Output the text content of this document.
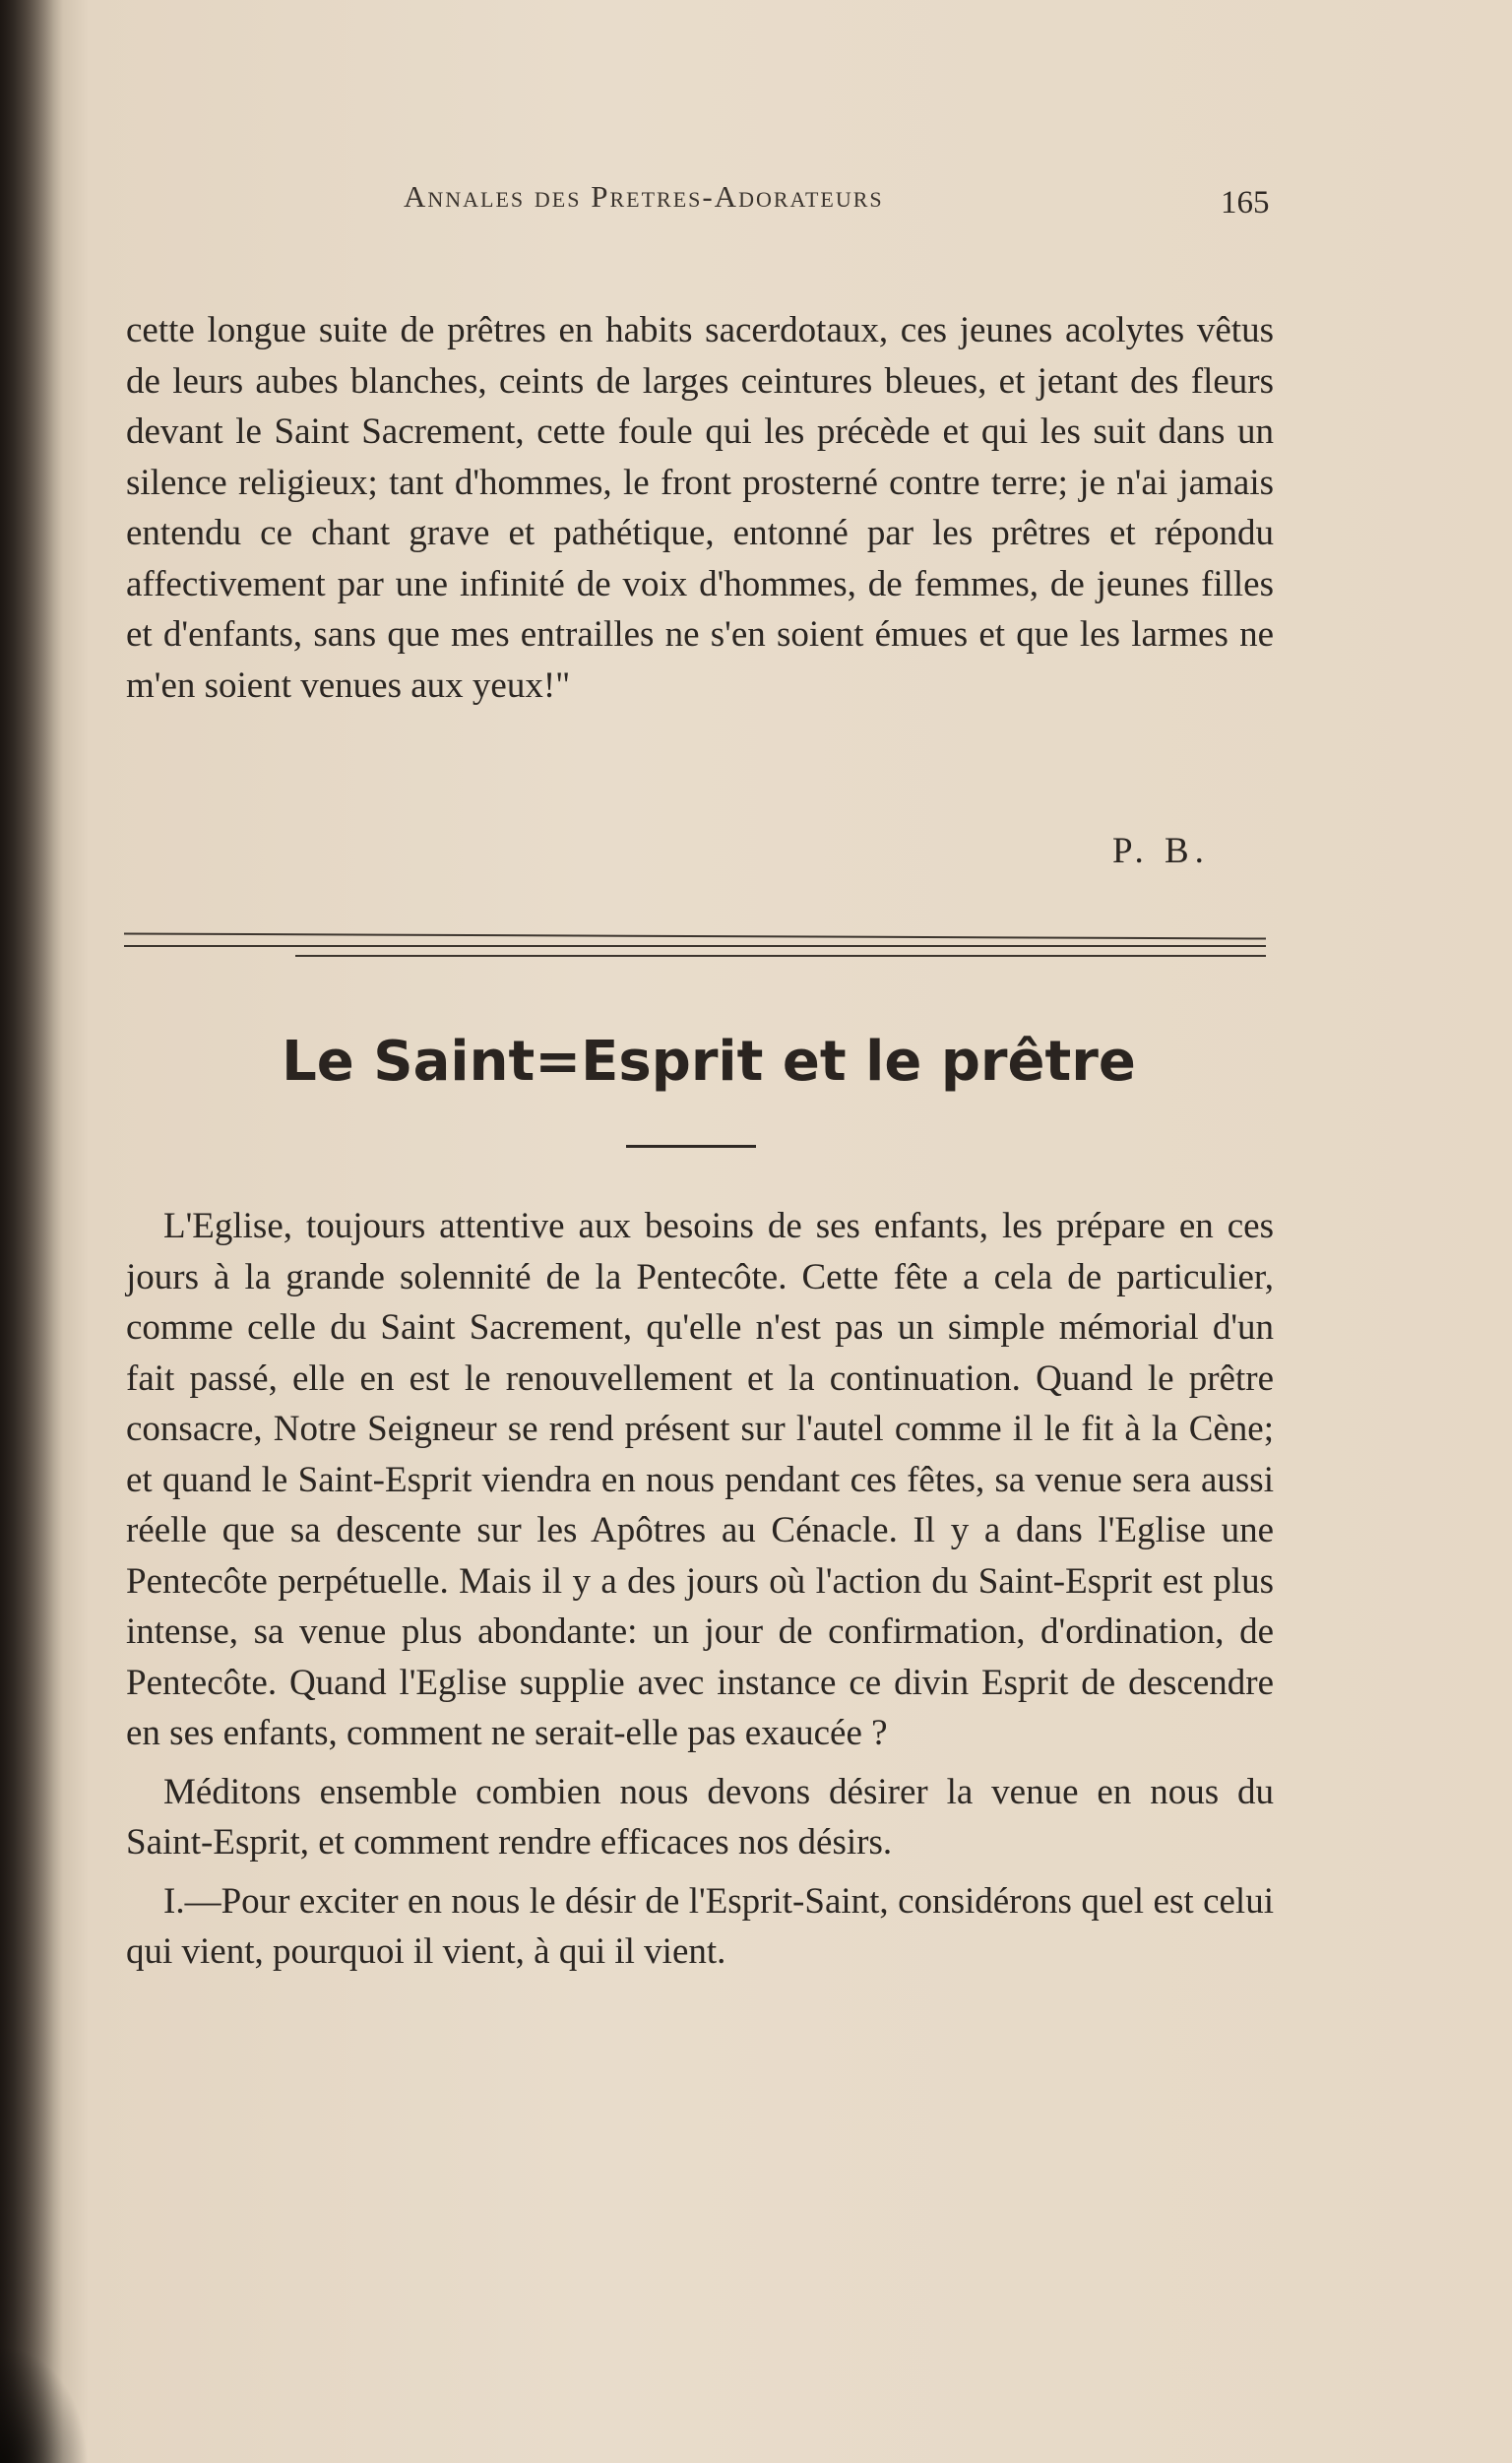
Annales des Pretres-Adorateurs	165

cette longue suite de prêtres en habits sacerdotaux, ces jeunes acolytes vêtus de leurs aubes blanches, ceints de larges ceintures bleues, et jetant des fleurs devant le Saint Sacrement, cette foule qui les précède et qui les suit dans un silence religieux; tant d'hommes, le front prosterné contre terre; je n'ai jamais entendu ce chant grave et pathétique, entonné par les prêtres et répondu affectivement par une infinité de voix d'hommes, de femmes, de jeunes filles et d'enfants, sans que mes entrailles ne s'en soient émues et que les larmes ne m'en soient venues aux yeux!"

P. B.
Le Saint=Esprit et le prêtre

L'Eglise, toujours attentive aux besoins de ses enfants, les prépare en ces jours à la grande solennité de la Pentecôte. Cette fête a cela de particulier, comme celle du Saint Sacrement, qu'elle n'est pas un simple mémorial d'un fait passé, elle en est le renouvellement et la continuation. Quand le prêtre consacre, Notre Seigneur se rend présent sur l'autel comme il le fit à la Cène; et quand le Saint-Esprit viendra en nous pendant ces fêtes, sa venue sera aussi réelle que sa descente sur les Apôtres au Cénacle. Il y a dans l'Eglise une Pentecôte perpétuelle. Mais il y a des jours où l'action du Saint-Esprit est plus intense, sa venue plus abondante: un jour de confirmation, d'ordination, de Pentecôte. Quand l'Eglise supplie avec instance ce divin Esprit de descendre en ses enfants, comment ne serait-elle pas exaucée ?

Méditons ensemble combien nous devons désirer la venue en nous du Saint-Esprit, et comment rendre efficaces nos désirs.

I.—Pour exciter en nous le désir de l'Esprit-Saint, considérons quel est celui qui vient, pourquoi il vient, à qui il vient.
